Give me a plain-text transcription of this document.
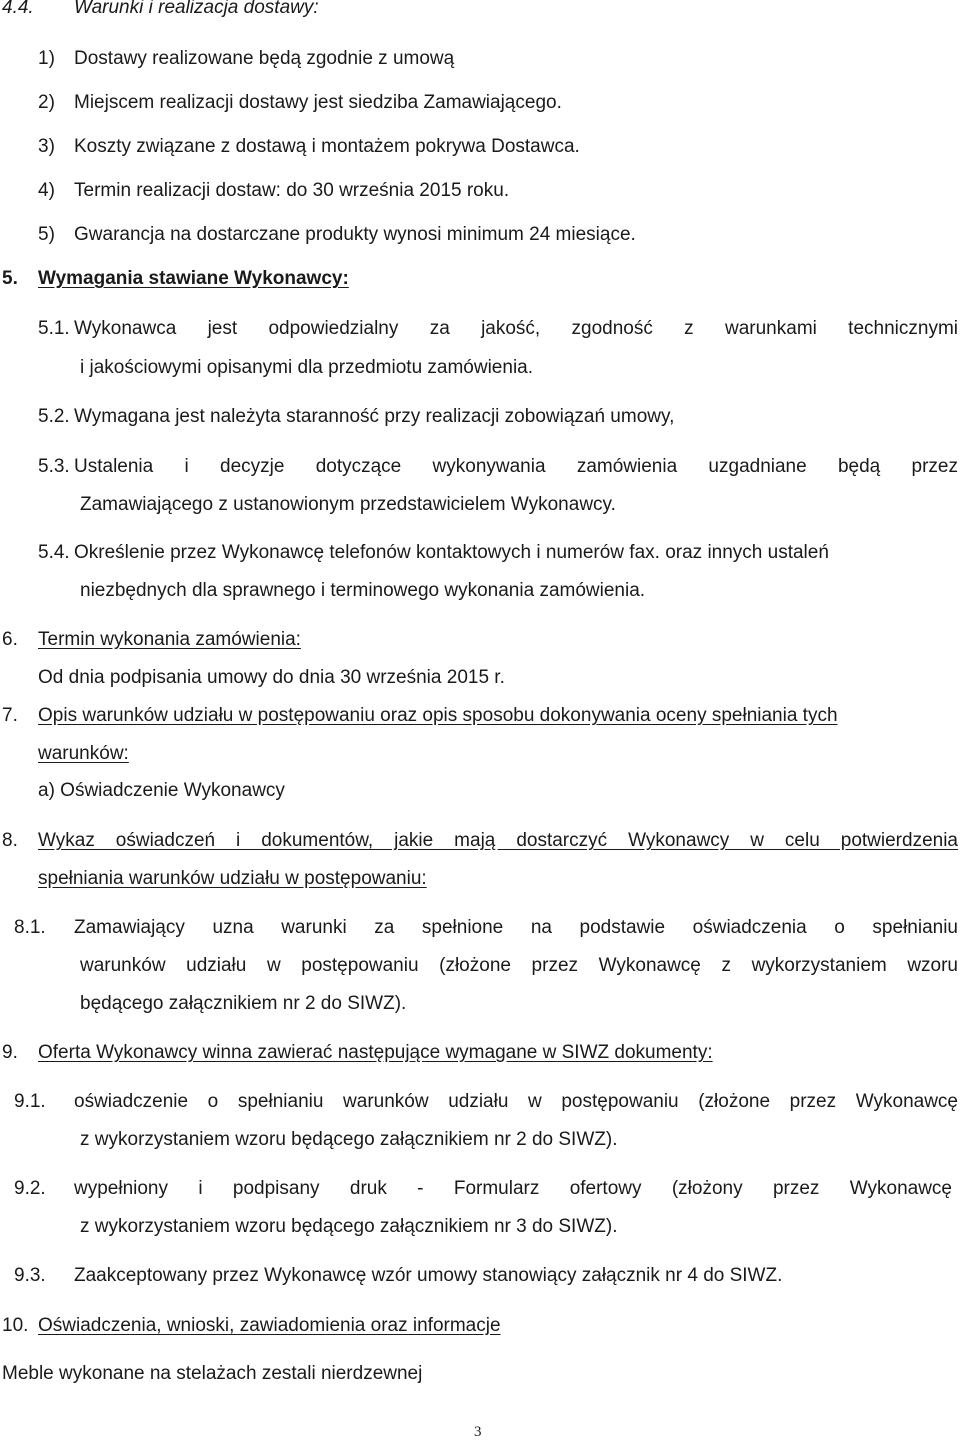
4.4. Warunki i realizacja dostawy:
1) Dostawy realizowane będą zgodnie z umową
2) Miejscem realizacji dostawy jest siedziba Zamawiającego.
3) Koszty związane z dostawą i montażem pokrywa Dostawca.
4) Termin realizacji dostaw: do 30 września 2015 roku.
5) Gwarancja na dostarczane produkty wynosi minimum 24 miesiące.
5. Wymagania stawiane Wykonawcy:
5.1. Wykonawca jest odpowiedzialny za jakość, zgodność z warunkami technicznymi
i jakościowymi opisanymi dla przedmiotu zamówienia.
5.2. Wymagana jest należyta staranność przy realizacji zobowiązań umowy,
5.3. Ustalenia i decyzje dotyczące wykonywania zamówienia uzgadniane będą przez
Zamawiającego z ustanowionym przedstawicielem Wykonawcy.
5.4. Określenie przez Wykonawcę telefonów kontaktowych i numerów fax. oraz innych ustaleń
niezbędnych dla sprawnego i terminowego wykonania zamówienia.
6. Termin wykonania zamówienia:
Od dnia podpisania umowy do dnia 30 września 2015 r.
7. Opis warunków udziału w postępowaniu oraz opis sposobu dokonywania oceny spełniania tych
warunków:
a) Oświadczenie Wykonawcy
8. Wykaz oświadczeń i dokumentów, jakie mają dostarczyć Wykonawcy w celu potwierdzenia
spełniania warunków udziału w postępowaniu:
8.1. Zamawiający uzna warunki za spełnione na podstawie oświadczenia o spełnianiu
warunków udziału w postępowaniu (złożone przez Wykonawcę z wykorzystaniem wzoru
będącego załącznikiem nr 2 do SIWZ).
9. Oferta Wykonawcy winna zawierać następujące wymagane w SIWZ dokumenty:
9.1. oświadczenie o spełnianiu warunków udziału w postępowaniu (złożone przez Wykonawcę
z wykorzystaniem wzoru będącego załącznikiem nr 2 do SIWZ).
9.2. wypełniony i podpisany druk - Formularz ofertowy (złożony przez Wykonawcę
z wykorzystaniem wzoru będącego załącznikiem nr 3 do SIWZ).
9.3. Zaakceptowany przez Wykonawcę wzór umowy stanowiący załącznik nr 4 do SIWZ.
10. Oświadczenia, wnioski, zawiadomienia oraz informacje
Meble wykonane na stelażach zestali nierdzewnej
3
